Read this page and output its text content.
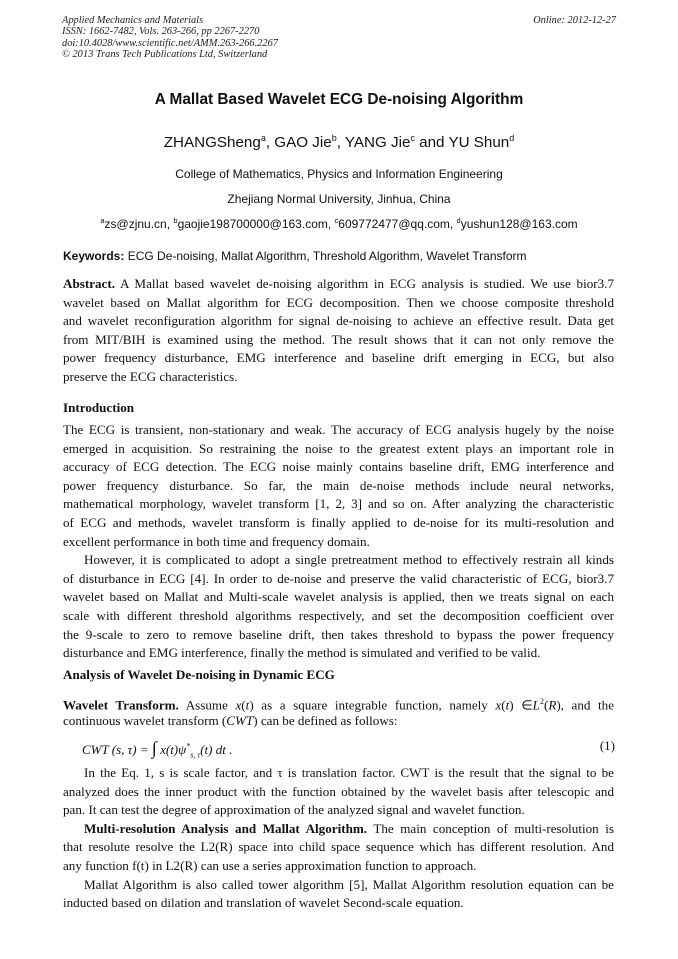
Applied Mechanics and Materials
ISSN: 1662-7482, Vols. 263-266, pp 2267-2270
doi:10.4028/www.scientific.net/AMM.263-266.2267
© 2013 Trans Tech Publications Ltd, Switzerland
Online: 2012-12-27
A Mallat Based Wavelet ECG De-noising Algorithm
ZHANGSheng$^a$, GAO Jie$^b$, YANG Jie$^c$ and YU Shun$^d$
College of Mathematics, Physics and Information Engineering
Zhejiang Normal University, Jinhua, China
$^a$zs@zjnu.cn, $^b$gaojie198700000@163.com, $^c$609772477@qq.com, $^d$yushun128@163.com
Keywords: ECG De-noising, Mallat Algorithm, Threshold Algorithm, Wavelet Transform
Abstract. A Mallat based wavelet de-noising algorithm in ECG analysis is studied. We use bior3.7
wavelet based on Mallat algorithm for ECG decomposition. Then we choose composite threshold
and wavelet reconfiguration algorithm for signal de-noising to achieve an effective result. Data get
from MIT/BIH is examined using the method. The result shows that it can not only remove the
power frequency disturbance, EMG interference and baseline drift emerging in ECG, but also
preserve the ECG characteristics.
Introduction
The ECG is transient, non-stationary and weak. The accuracy of ECG analysis hugely by the noise
emerged in acquisition. So restraining the noise to the greatest extent plays an important role in
accuracy of ECG detection. The ECG noise mainly contains baseline drift, EMG interference and
power frequency disturbance. So far, the main de-noise methods include neural networks,
mathematical morphology, wavelet transform [1, 2, 3] and so on. After analyzing the characteristic
of ECG and methods, wavelet transform is finally applied to de-noise for its multi-resolution and
excellent performance in both time and frequency domain.
However, it is complicated to adopt a single pretreatment method to effectively restrain all kinds
of disturbance in ECG [4]. In order to de-noise and preserve the valid characteristic of ECG, bior3.7
wavelet based on Mallat and Multi-scale wavelet analysis is applied, then we treats signal on each
scale with different threshold algorithms respectively, and set the decomposition coefficient over
the 9-scale to zero to remove baseline drift, then takes threshold to bypass the power frequency
disturbance and EMG interference, finally the method is simulated and verified to be valid.
Analysis of Wavelet De-noising in Dynamic ECG
Wavelet Transform. Assume x(t) as a square integrable function, namely x(t) $\in L^2(R)$, and the
continuous wavelet transform (CWT) can be defined as follows:
CWT (s, τ) = ∫ $x(t)\psi^*_{s, \tau}(t)$ dt .	(1)
In the Eq. 1, s is scale factor, and τ is translation factor. CWT is the result that the signal to be
analyzed does the inner product with the function obtained by the wavelet basis after telescopic and
pan. It can test the degree of approximation of the analyzed signal and wavelet function.
Multi-resolution Analysis and Mallat Algorithm. The main conception of multi-resolution is
that resolute resolve the L2(R) space into child space sequence which has different resolution. And
any function f(t) in L2(R) can use a series approximation function to approach.
Mallat Algorithm is also called tower algorithm [5], Mallat Algorithm resolution equation can be
inducted based on dilation and translation of wavelet Second-scale equation.
